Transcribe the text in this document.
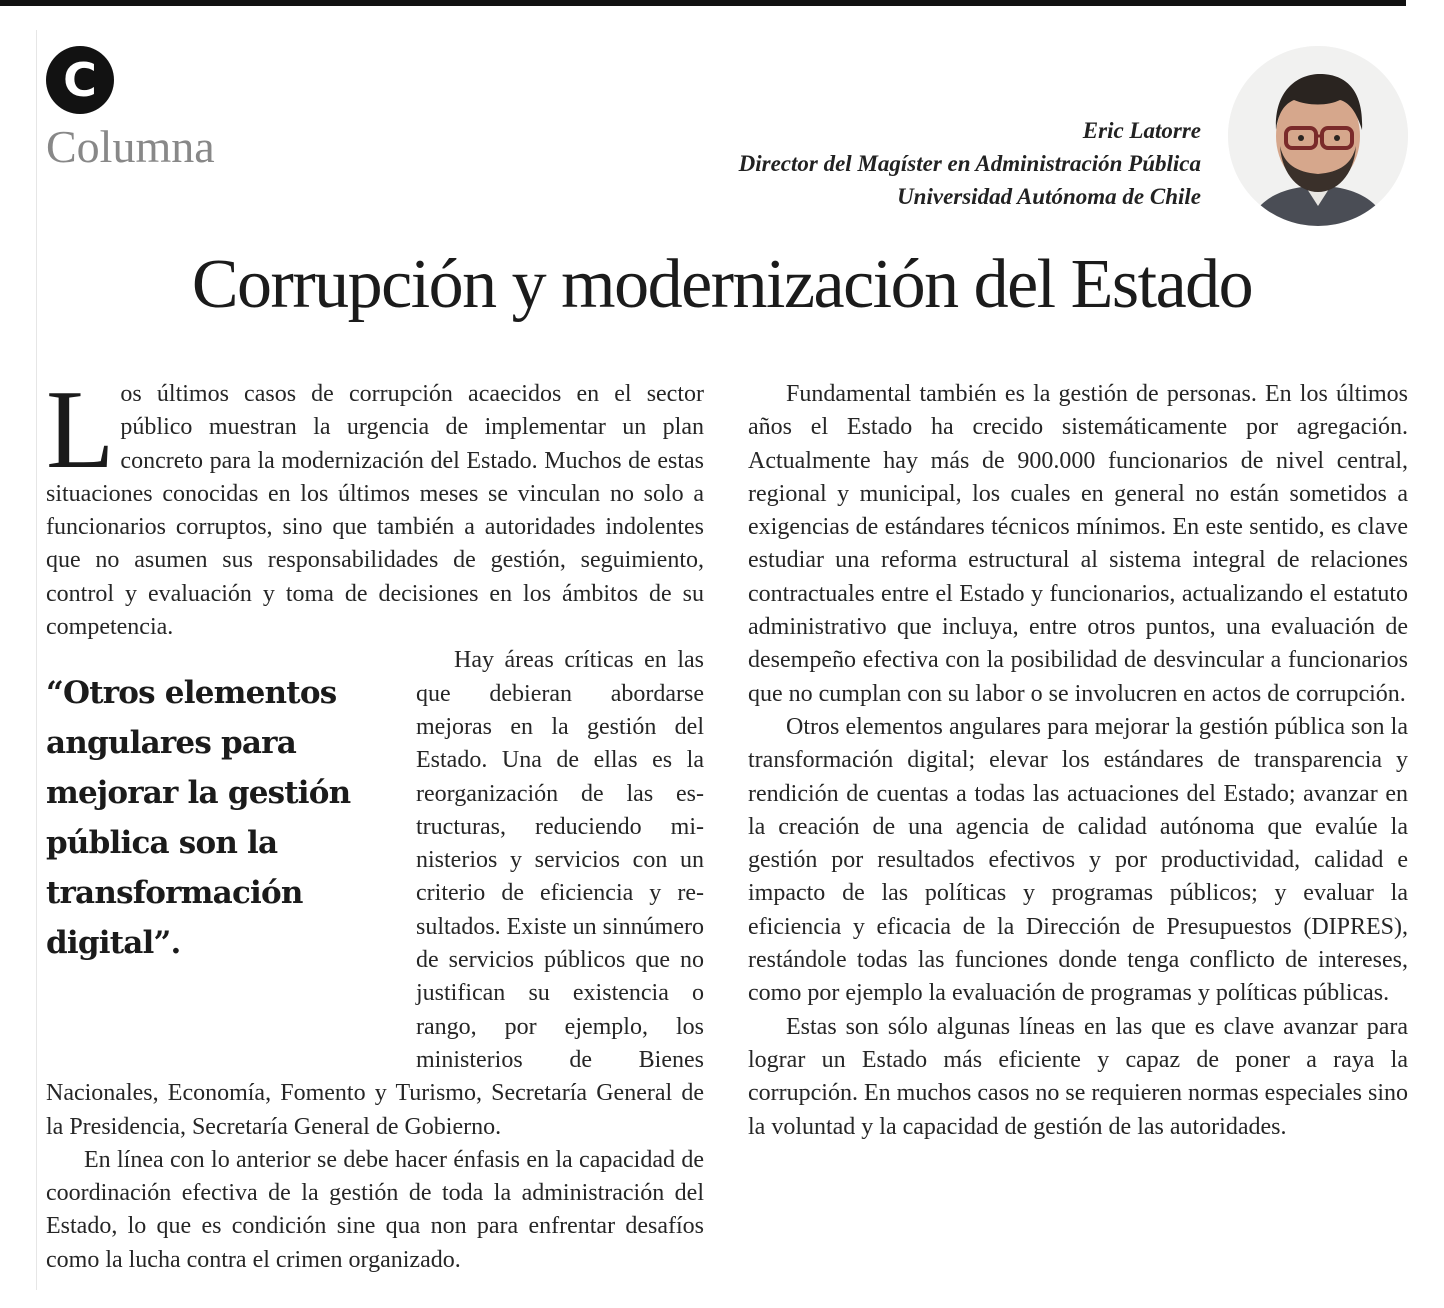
C
Columna	Eric Latorre
Director del Magíster en Administración Pública
Universidad Autónoma de Chile
Corrupción y modernización del Estado

Los últimos casos de corrupción acaecidos en el sector público muestran la urgencia de implementar un plan concreto para la modernización del Estado. Muchos de estas situaciones conocidas en los últimos meses se vinculan no solo a funcionarios corruptos, sino que también a autoridades indolentes que no asumen sus responsabilidades de gestión, seguimiento, control y evaluación y toma de decisiones en los ámbitos de su competencia.

“Otros elementos angulares para mejorar la gestión pública son la transformación digital”.

Hay áreas críticas en las que debieran abordarse mejoras en la gestión del Estado. Una de ellas es la reorganización de las estructuras, reduciendo ministerios y servicios con un criterio de eficiencia y resultados. Existe un sinnúmero de servicios públicos que no justifican su existencia o rango, por ejemplo, los ministerios de Bienes Nacionales, Economía, Fomento y Turismo, Secretaría General de la Presidencia, Secretaría General de Gobierno.

En línea con lo anterior se debe hacer énfasis en la capacidad de coordinación efectiva de la gestión de toda la administración del Estado, lo que es condición sine qua non para enfrentar desafíos como la lucha contra el crimen organizado.

Fundamental también es la gestión de personas. En los últimos años el Estado ha crecido sistemáticamente por agregación. Actualmente hay más de 900.000 funcionarios de nivel central, regional y municipal, los cuales en general no están sometidos a exigencias de estándares técnicos mínimos. En este sentido, es clave estudiar una reforma estructural al sistema integral de relaciones contractuales entre el Estado y funcionarios, actualizando el estatuto administrativo que incluya, entre otros puntos, una evaluación de desempeño efectiva con la posibilidad de desvincular a funcionarios que no cumplan con su labor o se involucren en actos de corrupción.

Otros elementos angulares para mejorar la gestión pública son la transformación digital; elevar los estándares de transparencia y rendición de cuentas a todas las actuaciones del Estado; avanzar en la creación de una agencia de calidad autónoma que evalúe la gestión por resultados efectivos y por productividad, calidad e impacto de las políticas y programas públicos; y evaluar la eficiencia y eficacia de la Dirección de Presupuestos (DIPRES), restándole todas las funciones donde tenga conflicto de intereses, como por ejemplo la evaluación de programas y políticas públicas.

Estas son sólo algunas líneas en las que es clave avanzar para lograr un Estado más eficiente y capaz de poner a raya la corrupción. En muchos casos no se requieren normas especiales sino la voluntad y la capacidad de gestión de las autoridades.
